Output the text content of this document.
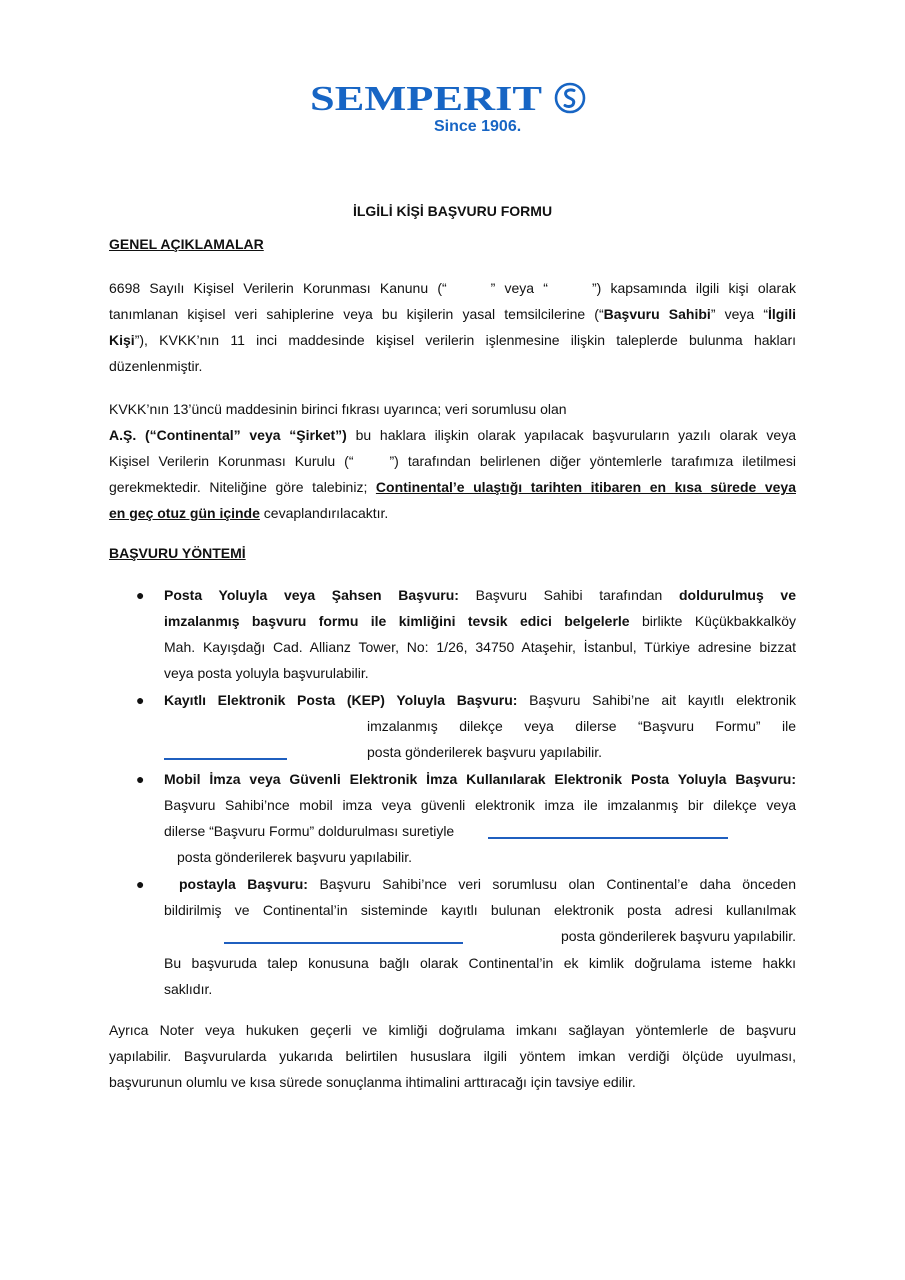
SEMPERIT
Since 1906.
İLGİLİ KİŞİ BAŞVURU FORMU
GENEL AÇIKLAMALAR
6698 Sayılı Kişisel Verilerin Korunması Kanunu (“	” veya “	”) kapsamında ilgili kişi olarak
tanımlanan kişisel veri sahiplerine veya bu kişilerin yasal temsilcilerine (“Başvuru Sahibi” veya “İlgili
Kişi”), KVKK’nın 11 inci maddesinde kişisel verilerin işlenmesine ilişkin taleplerde bulunma hakları
düzenlenmiştir.
KVKK’nın 13’üncü maddesinin birinci fıkrası uyarınca; veri sorumlusu olan
A.Ş. (“Continental” veya “Şirket”) bu haklara ilişkin olarak yapılacak başvuruların yazılı olarak veya
Kişisel Verilerin Korunması Kurulu (“	”) tarafından belirlenen diğer yöntemlerle tarafımıza iletilmesi
gerekmektedir. Niteliğine göre talebiniz; Continental’e ulaştığı tarihten itibaren en kısa sürede veya
en geç otuz gün içinde cevaplandırılacaktır.
BAŞVURU YÖNTEMİ
● Posta Yoluyla veya Şahsen Başvuru: Başvuru Sahibi tarafından doldurulmuş ve
imzalanmış başvuru formu ile kimliğini tevsik edici belgelerle birlikte Küçükbakkalköy
Mah. Kayışdağı Cad. Allianz Tower, No: 1/26, 34750 Ataşehir, İstanbul, Türkiye adresine bizzat
veya posta yoluyla başvurulabilir.
● Kayıtlı Elektronik Posta (KEP) Yoluyla Başvuru: Başvuru Sahibi’ne ait kayıtlı elektronik
imzalanmış dilekçe veya dilerse “Başvuru Formu” ile
posta gönderilerek başvuru yapılabilir.
● Mobil İmza veya Güvenli Elektronik İmza Kullanılarak Elektronik Posta Yoluyla Başvuru:
Başvuru Sahibi’nce mobil imza veya güvenli elektronik imza ile imzalanmış bir dilekçe veya
dilerse “Başvuru Formu” doldurulması suretiyle
posta gönderilerek başvuru yapılabilir.
● postayla Başvuru: Başvuru Sahibi’nce veri sorumlusu olan Continental’e daha önceden
bildirilmiş ve Continental’in sisteminde kayıtlı bulunan elektronik posta adresi kullanılmak
posta gönderilerek başvuru yapılabilir.
Bu başvuruda talep konusuna bağlı olarak Continental’in ek kimlik doğrulama isteme hakkı
saklıdır.
Ayrıca Noter veya hukuken geçerli ve kimliği doğrulama imkanı sağlayan yöntemlerle de başvuru
yapılabilir. Başvurularda yukarıda belirtilen hususlara ilgili yöntem imkan verdiği ölçüde uyulması,
başvurunun olumlu ve kısa sürede sonuçlanma ihtimalini arttıracağı için tavsiye edilir.
